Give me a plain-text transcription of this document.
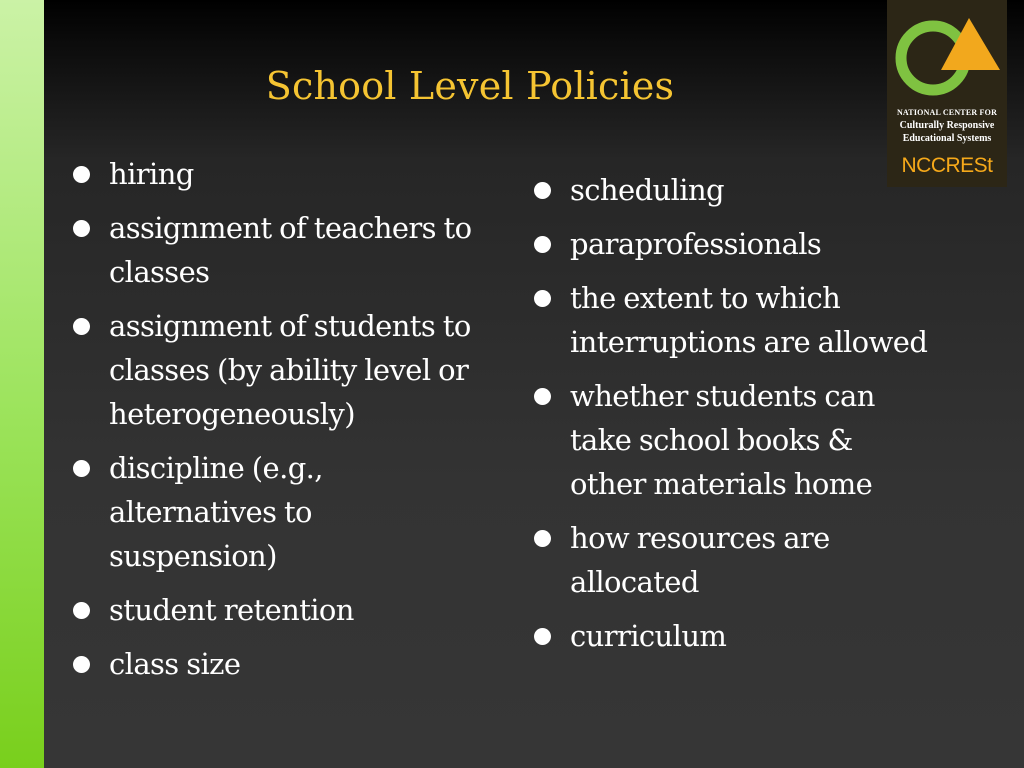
School Level Policies
NATIONAL CENTER FOR
Culturally Responsive
Educational Systems
NCCRESt
hiring
assignment of teachers to
classes
assignment of students to
classes (by ability level or
heterogeneously)
discipline (e.g.,
alternatives to
suspension)
student retention
class size
scheduling
paraprofessionals
the extent to which
interruptions are allowed
whether students can
take school books &
other materials home
how resources are
allocated
curriculum
